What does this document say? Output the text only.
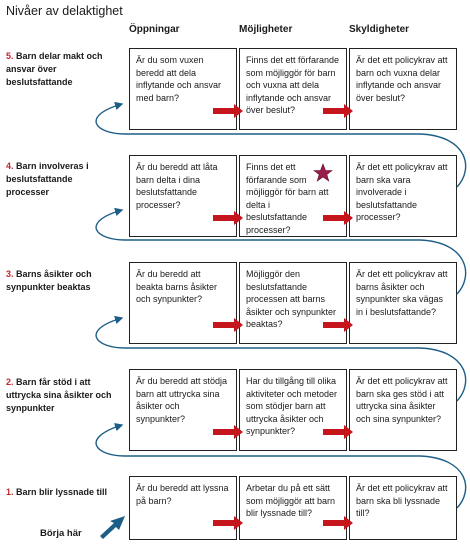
Nivåer av delaktighet
Öppningar	Möjligheter	Skyldigheter
5. Barn delar makt och ansvar över beslutsfattande
Är du som vuxen beredd att dela inflytande och ansvar med barn?
Finns det ett förfarande som möjliggör för barn och vuxna att dela inflytande och ansvar över beslut?
Är det ett policykrav att barn och vuxna delar inflytande och ansvar över beslut?
4. Barn involveras i beslutsfattande processer
Är du beredd att låta barn delta i dina beslutsfattande processer?
Finns det ett förfarande som möjliggör för barn att delta i beslutsfattande processer?
Är det ett policykrav att barn ska vara involverade i beslutsfattande processer?
3. Barns åsikter och synpunkter beaktas
Är du beredd att beakta barns åsikter och synpunkter?
Möjliggör den beslutsfattande processen att barns åsikter och synpunkter beaktas?
Är det ett policykrav att barns åsikter och synpunkter ska vägas in i beslutsfattande?
2. Barn får stöd i att uttrycka sina åsikter och synpunkter
Är du beredd att stödja barn att uttrycka sina åsikter och synpunkter?
Har du tillgång till olika aktiviteter och metoder som stödjer barn att uttrycka åsikter och synpunkter?
Är det ett policykrav att barn ska ges stöd i att uttrycka sina åsikter och sina synpunkter?
1. Barn blir lyssnade till	Är du beredd att lyssna på barn?
Arbetar du på ett sätt som möjliggör att barn blir lyssnade till?
Är det ett policykrav att barn ska bli lyssnade till?
Börja här
